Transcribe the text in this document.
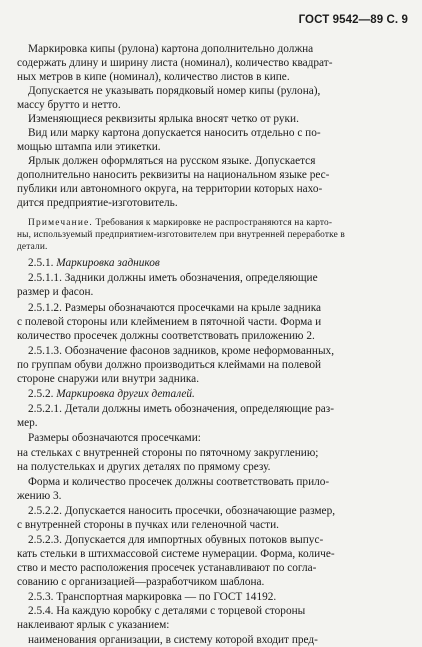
ГОСТ 9542—89 С. 9

Маркировка кипы (рулона) картона дополнительно должна

содержать длину и ширину листа (номинал), количество квадрат-

ных метров в кипе (номинал), количество листов в кипе.

Допускается не указывать порядковый номер кипы (рулона),

массу брутто и нетто.

Изменяющиеся реквизиты ярлыка вносят четко от руки.

Вид или марку картона допускается наносить отдельно с по-

мощью штампа или этикетки.

Ярлык должен оформляться на русском языке. Допускается

дополнительно наносить реквизиты на национальном языке рес-

публики или автономного округа, на территории которых нахо-

дится предприятие-изготовитель.

Примечание. Требования к маркировке не распространяются на карто-

ны, используемый предприятием-изготовителем при внутренней переработке в

детали.

2.5.1. Маркировка задников

2.5.1.1. Задники должны иметь обозначения, определяющие

размер и фасон.

2.5.1.2. Размеры обозначаются просечками на крыле задника

с полевой стороны или клеймением в пяточной части. Форма и

количество просечек должны соответствовать приложению 2.

2.5.1.3. Обозначение фасонов задников, кроме неформованных,

по группам обуви должно производиться клеймами на полевой

стороне снаружи или внутри задника.

2.5.2. Маркировка других деталей.

2.5.2.1. Детали должны иметь обозначения, определяющие раз-

мер.

Размеры обозначаются просечками:

на стельках с внутренней стороны по пяточному закруглению;

на полустельках и других деталях по прямому срезу.

Форма и количество просечек должны соответствовать прило-

жению 3.

2.5.2.2. Допускается наносить просечки, обозначающие размер,

с внутренней стороны в пучках или геленочной части.

2.5.2.3. Допускается для импортных обувных потоков выпус-

кать стельки в штихмассовой системе нумерации. Форма, количе-

ство и место расположения просечек устанавливают по согла-

сованию с организацией—разработчиком шаблона.

2.5.3. Транспортная маркировка — по ГОСТ 14192.

2.5.4. На каждую коробку с деталями с торцевой стороны

наклеивают ярлык с указанием:

наименования организации, в систему которой входит пред-
